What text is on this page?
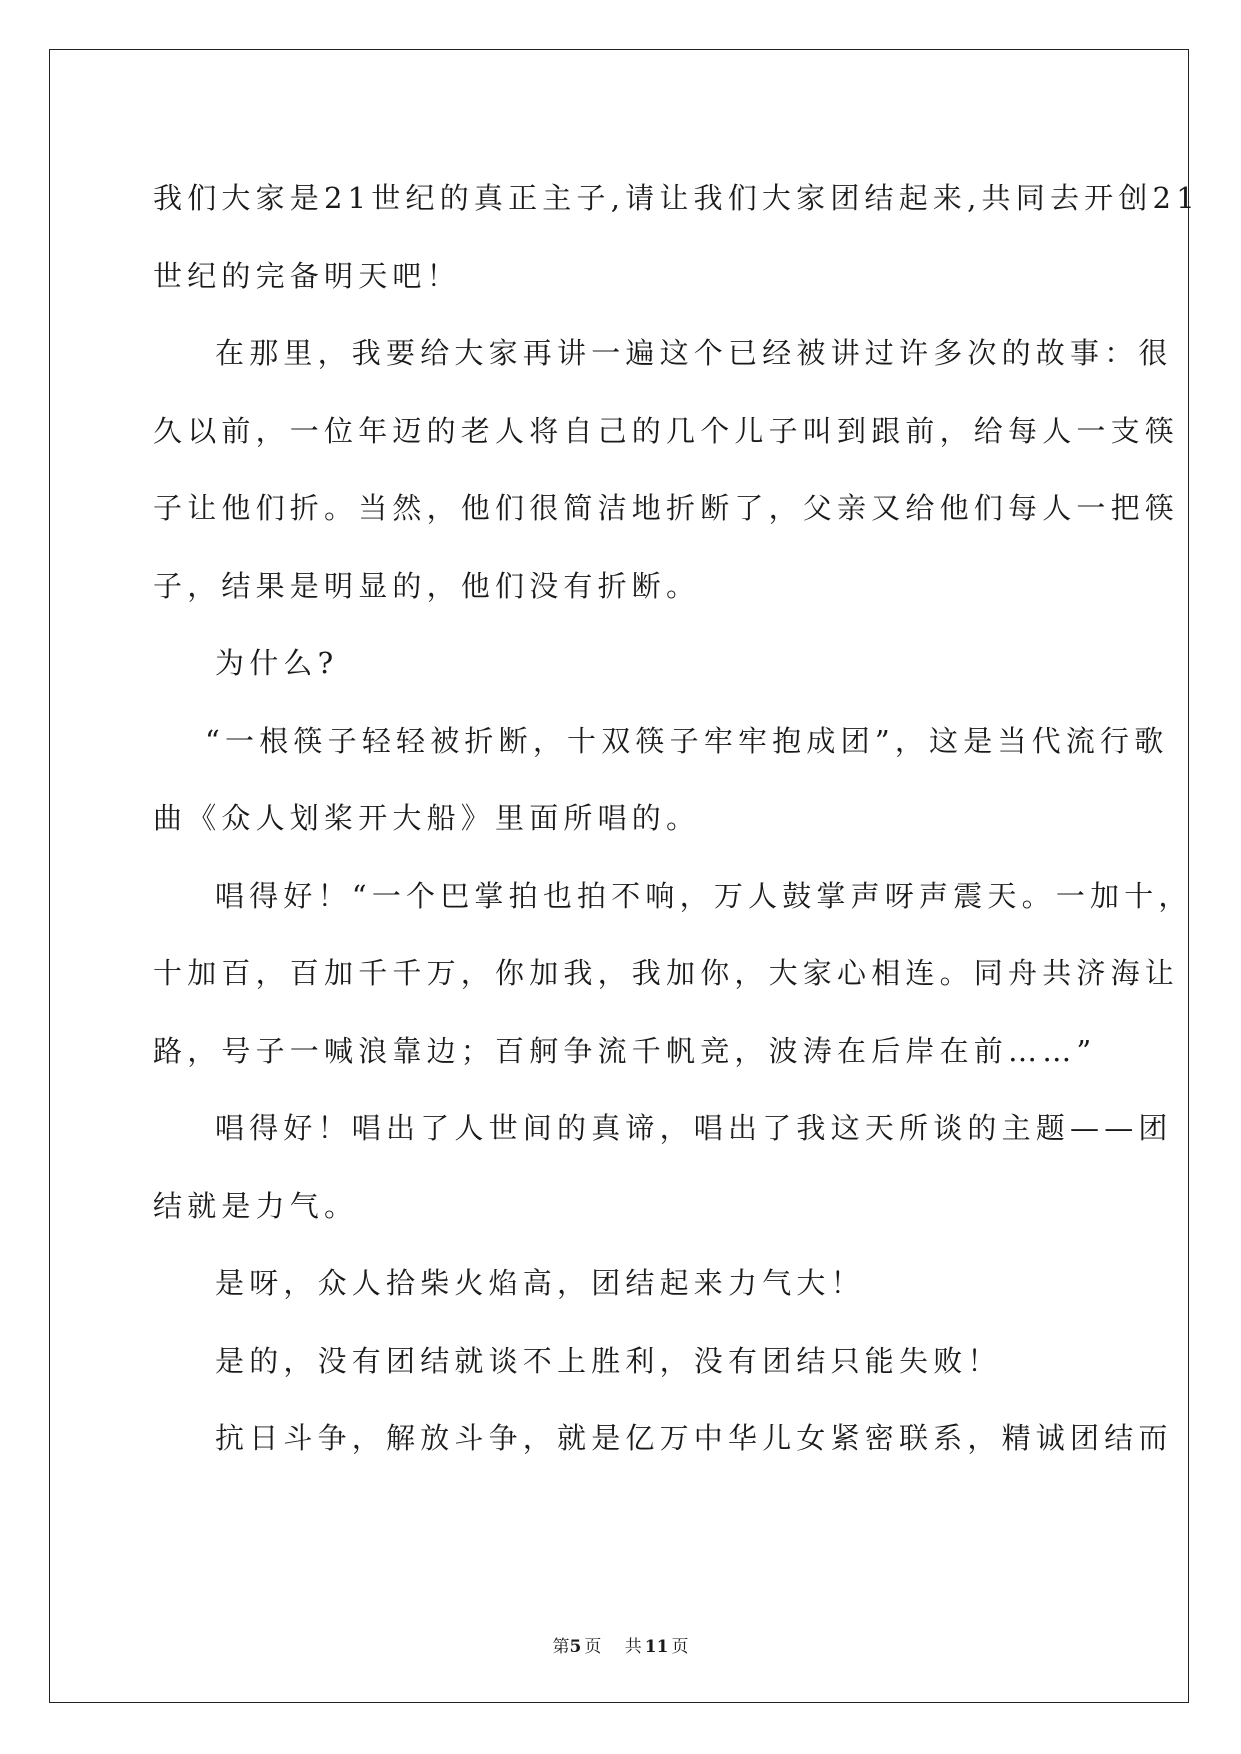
我们大家是21世纪的真正主子,请让我们大家团结起来,共同去开创21
世纪的完备明天吧！
在那里，我要给大家再讲一遍这个已经被讲过许多次的故事：很
久以前，一位年迈的老人将自己的几个儿子叫到跟前，给每人一支筷
子让他们折。当然，他们很简洁地折断了，父亲又给他们每人一把筷
子，结果是明显的，他们没有折断。
为什么?
“一根筷子轻轻被折断，十双筷子牢牢抱成团”，这是当代流行歌
曲《众人划桨开大船》里面所唱的。
唱得好！“一个巴掌拍也拍不响，万人鼓掌声呀声震天。一加十，
十加百，百加千千万，你加我，我加你，大家心相连。同舟共济海让
路，号子一喊浪靠边；百舸争流千帆竞，波涛在后岸在前……”
唱得好！唱出了人世间的真谛，唱出了我这天所谈的主题——团
结就是力气。
是呀，众人拾柴火焰高，团结起来力气大！
是的，没有团结就谈不上胜利，没有团结只能失败！
抗日斗争，解放斗争，就是亿万中华儿女紧密联系，精诚团结而
第5 页 共 11 页
